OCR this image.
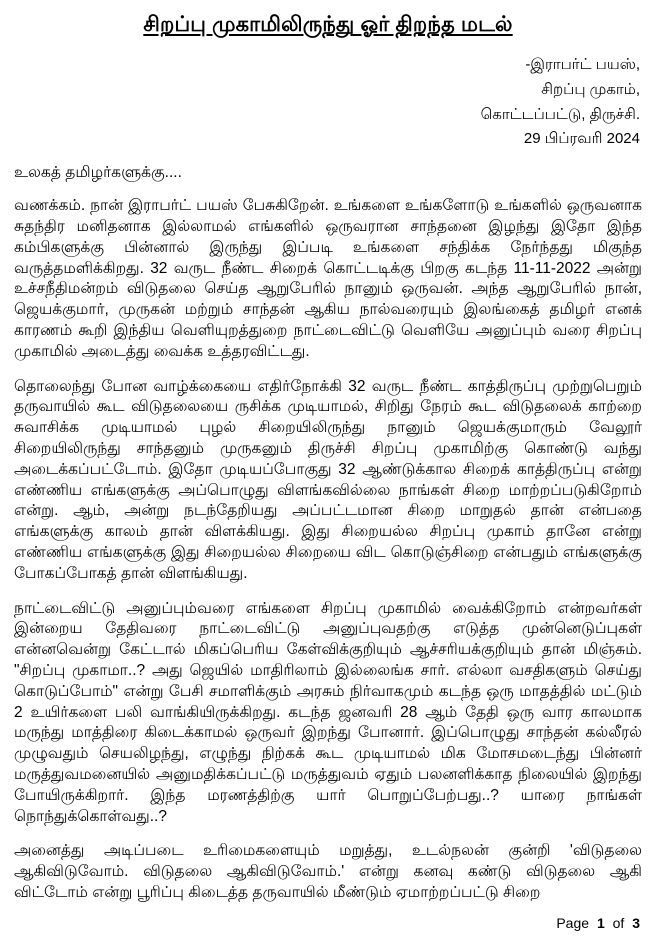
சிறப்பு முகாமிலிருந்து ஓர் திறந்த மடல்
-இராபர்ட் பயஸ்,
சிறப்பு முகாம்,
கொட்டப்பட்டு, திருச்சி.
29 பிப்ரவரி 2024

உலகத் தமிழர்களுக்கு....

வணக்கம். நான் இராபர்ட் பயஸ் பேசுகிறேன். உங்களை உங்களோடு உங்களில் ஒருவனாக சுதந்திர மனிதனாக இல்லாமல் எங்களில் ஒருவரான சாந்தனை இழந்து இதோ இந்த கம்பிகளுக்கு பின்னால் இருந்து இப்படி உங்களை சந்திக்க நேர்ந்தது மிகுந்த வருத்தமளிக்கிறது. 32 வருட நீண்ட சிறைக் கொட்டடிக்கு பிறகு கடந்த 11-11-2022 அன்று உச்சநீதிமன்றம் விடுதலை செய்த ஆறுபேரில் நானும் ஒருவன். அந்த ஆறுபேரில் நான், ஜெயக்குமார், முருகன் மற்றும் சாந்தன் ஆகிய நால்வரையும் இலங்கைத் தமிழர் எனக் காரணம் கூறி இந்திய வெளியுறத்துறை நாட்டைவிட்டு வெளியே அனுப்பும் வரை சிறப்பு முகாமில் அடைத்து வைக்க உத்தரவிட்டது.

தொலைந்து போன வாழ்க்கையை எதிர்நோக்கி 32 வருட நீண்ட காத்திருப்பு முற்றுபெறும் தருவாயில் கூட விடுதலையை ருசிக்க முடியாமல், சிறிது நேரம் கூட விடுதலைக் காற்றை சுவாசிக்க முடியாமல் புழல் சிறையிலிருந்து நானும் ஜெயக்குமாரும் வேலூர் சிறையிலிருந்து சாந்தனும் முருகனும் திருச்சி சிறப்பு முகாமிற்கு கொண்டு வந்து அடைக்கப்பட்டோம். இதோ முடியப்போகுது 32 ஆண்டுக்கால சிறைக் காத்திருப்பு என்று எண்ணிய எங்களுக்கு அப்பொழுது விளங்கவில்லை நாங்கள் சிறை மாற்றப்படுகிறோம் என்று. ஆம், அன்று நடந்தேறியது அப்பட்டமான சிறை மாறுதல் தான் என்பதை எங்களுக்கு காலம் தான் விளக்கியது. இது சிறையல்ல சிறப்பு முகாம் தானே என்று எண்ணிய எங்களுக்கு இது சிறையல்ல சிறையை விட கொடுஞ்சிறை என்பதும் எங்களுக்கு போகப்போகத் தான் விளங்கியது.

நாட்டைவிட்டு அனுப்பும்வரை எங்களை சிறப்பு முகாமில் வைக்கிறோம் என்றவர்கள் இன்றைய தேதிவரை நாட்டைவிட்டு அனுப்புவதற்கு எடுத்த முன்னெடுப்புகள் என்னவென்று கேட்டால் மிகப்பெரிய கேள்விக்குறியும் ஆச்சரியக்குறியும் தான் மிஞ்சும். "சிறப்பு முகாமா..? அது ஜெயில் மாதிரிலாம் இல்லைங்க சார். எல்லா வசதிகளும் செய்து கொடுப்போம்" என்று பேசி சமாளிக்கும் அரசும் நிர்வாகமும் கடந்த ஒரு மாதத்தில் மட்டும் 2 உயிர்களை பலி வாங்கியிருக்கிறது. கடந்த ஜனவரி 28 ஆம் தேதி ஒரு வார காலமாக மருந்து மாத்திரை கிடைக்காமல் ஒருவர் இறந்து போனார். இப்பொழுது சாந்தன் கல்லீரல் முழுவதும் செயலிழந்து, எழுந்து நிற்கக் கூட முடியாமல் மிக மோசமடைந்து பின்னர் மருத்துவமனையில் அனுமதிக்கப்பட்டு மருத்துவம் ஏதும் பலனளிக்காத நிலையில் இறந்து போயிருக்கிறார். இந்த மரணத்திற்கு யார் பொறுப்பேற்பது..? யாரை நாங்கள் நொந்துக்கொள்வது..?

அனைத்து அடிப்படை உரிமைகளையும் மறுத்து, உடல்நலன் குன்றி 'விடுதலை ஆகிவிடுவோம். விடுதலை ஆகிவிடுவோம்.' என்று கனவு கண்டு விடுதலை ஆகி விட்டோம் என்று பூரிப்பு கிடைத்த தருவாயில் மீண்டும் ஏமாற்றப்பட்டு சிறை

Page 1 of 3
